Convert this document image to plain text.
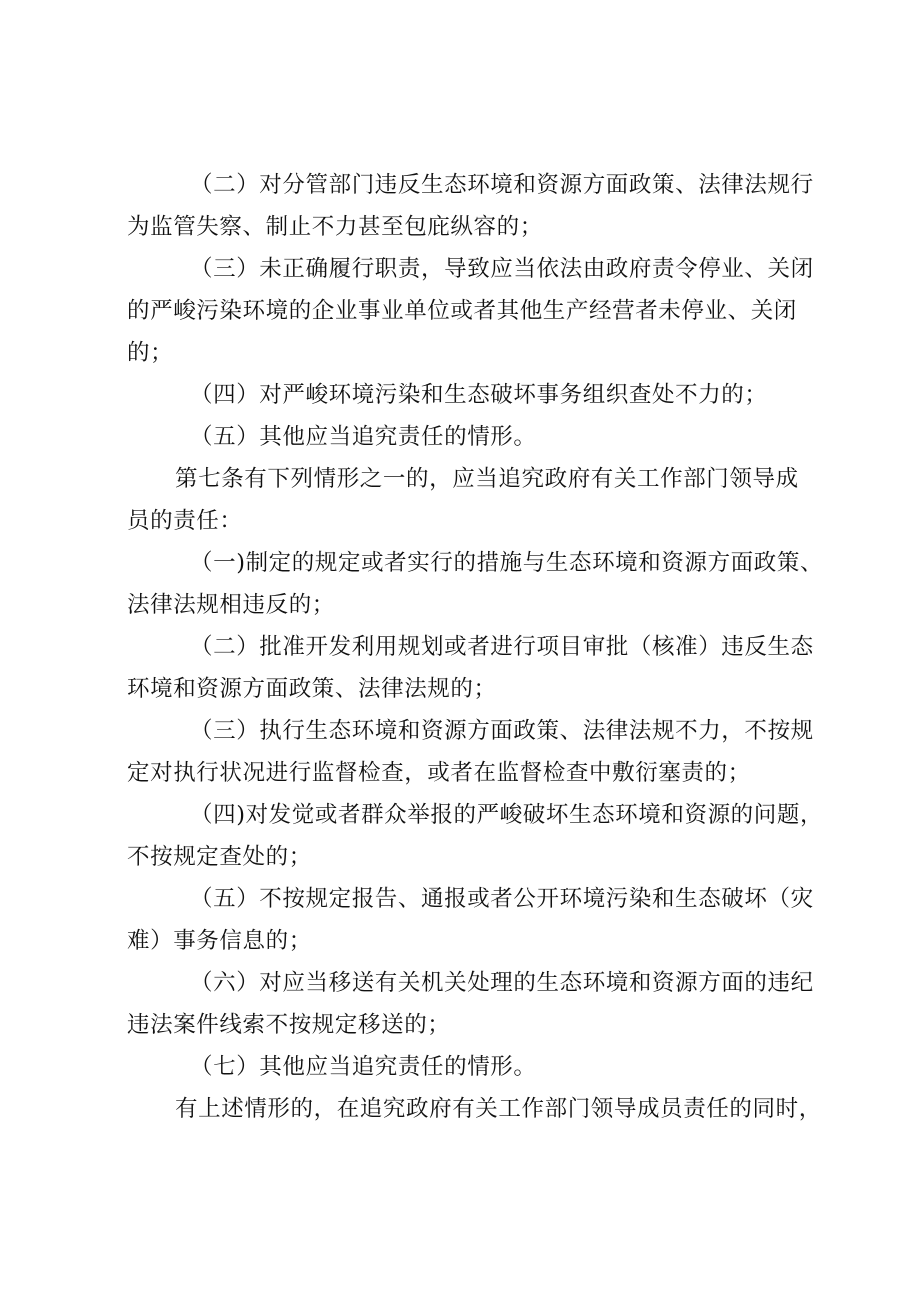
（二）对分管部门违反生态环境和资源方面政策、法律法规行
为监管失察、制止不力甚至包庇纵容的；
（三）未正确履行职责，导致应当依法由政府责令停业、关闭
的严峻污染环境的企业事业单位或者其他生产经营者未停业、关闭
的；
（四）对严峻环境污染和生态破坏事务组织查处不力的；
（五）其他应当追究责任的情形。
第七条有下列情形之一的，应当追究政府有关工作部门领导成
员的责任：
（一)制定的规定或者实行的措施与生态环境和资源方面政策、
法律法规相违反的；
（二）批准开发利用规划或者进行项目审批（核准）违反生态
环境和资源方面政策、法律法规的；
（三）执行生态环境和资源方面政策、法律法规不力，不按规
定对执行状况进行监督检查，或者在监督检查中敷衍塞责的；
（四)对发觉或者群众举报的严峻破坏生态环境和资源的问题，
不按规定查处的；
（五）不按规定报告、通报或者公开环境污染和生态破坏（灾
难）事务信息的；
（六）对应当移送有关机关处理的生态环境和资源方面的违纪
违法案件线索不按规定移送的；
（七）其他应当追究责任的情形。
有上述情形的，在追究政府有关工作部门领导成员责任的同时，
